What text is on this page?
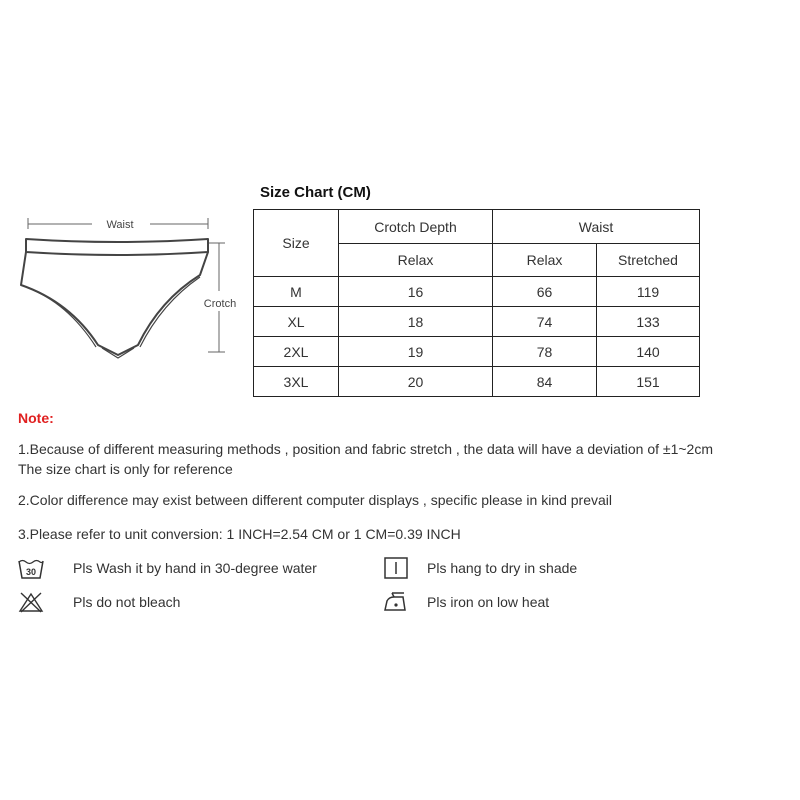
Waist
Crotch
Size Chart (CM)
Size	Crotch Depth	Waist	
	Relax	Relax	Stretched
M	16	66	119
XL	18	74	133
2XL	19	78	140
3XL	20	84	151
Note:
1.Because of different measuring methods , position and fabric stretch , the data will have a deviation of ±1~2cm
The size chart is only for reference
2.Color difference may exist between different computer displays , specific please in kind prevail
3.Please refer to unit conversion: 1 INCH=2.54 CM or 1 CM=0.39 INCH
30	Pls Wash it by hand in 30-degree water	Pls hang to dry in shade
Pls do not bleach	Pls iron on low heat
